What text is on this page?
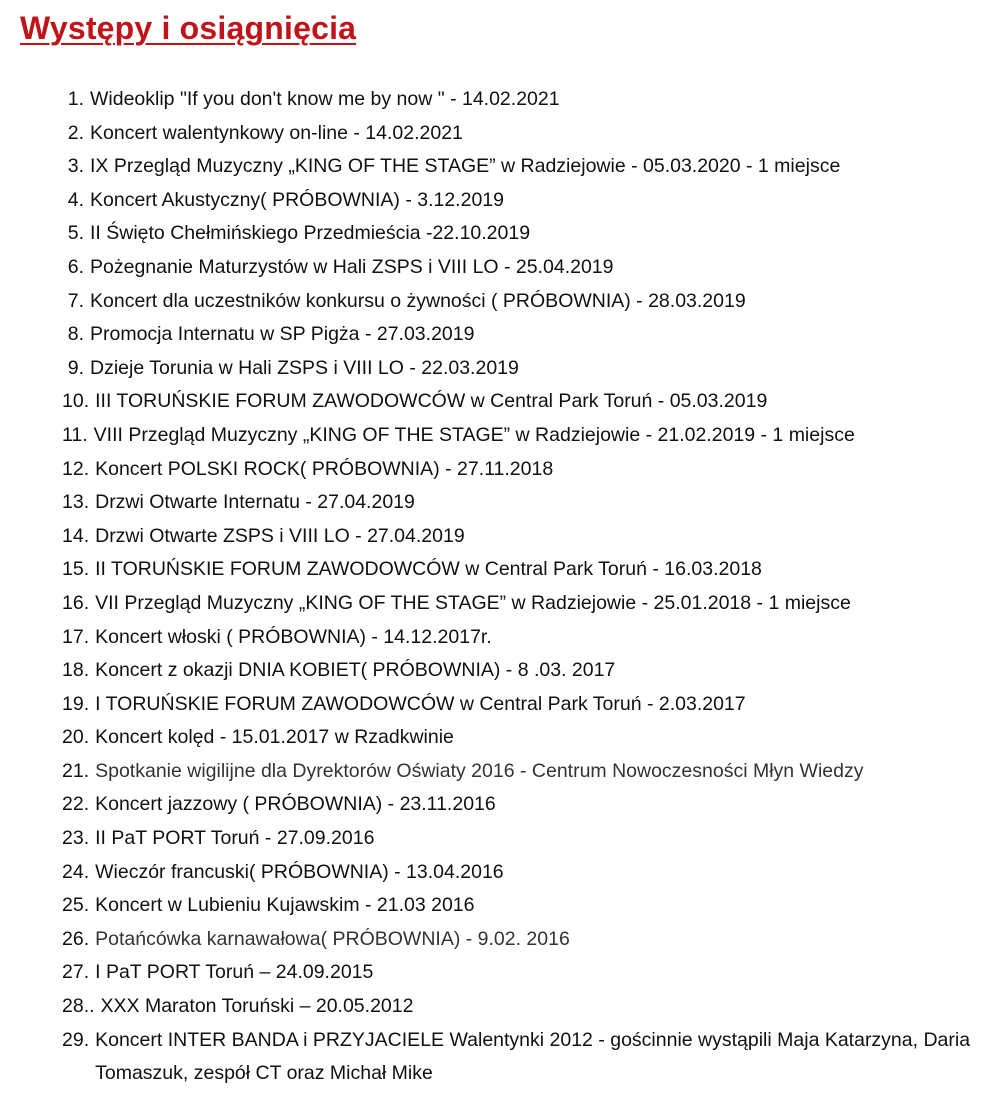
Występy i osiągnięcia
1. Wideoklip "If you don't know me by now " - 14.02.2021
2. Koncert walentynkowy on-line - 14.02.2021
3. IX Przegląd Muzyczny „KING OF THE STAGE” w Radziejowie - 05.03.2020 - 1 miejsce
4. Koncert Akustyczny( PRÓBOWNIA) - 3.12.2019
5. II Święto Chełmińskiego Przedmieścia -22.10.2019
6. Pożegnanie Maturzystów w Hali ZSPS i VIII LO - 25.04.2019
7. Koncert dla uczestników konkursu o żywności ( PRÓBOWNIA) - 28.03.2019
8. Promocja Internatu w SP Pigża - 27.03.2019
9. Dzieje Torunia w Hali ZSPS i VIII LO - 22.03.2019
10. III TORUŃSKIE FORUM ZAWODOWCÓW w Central Park Toruń - 05.03.2019
11. VIII Przegląd Muzyczny „KING OF THE STAGE” w Radziejowie - 21.02.2019 - 1 miejsce
12. Koncert POLSKI ROCK( PRÓBOWNIA) - 27.11.2018
13. Drzwi Otwarte Internatu - 27.04.2019
14. Drzwi Otwarte ZSPS i VIII LO - 27.04.2019
15. II TORUŃSKIE FORUM ZAWODOWCÓW w Central Park Toruń - 16.03.2018
16. VII Przegląd Muzyczny „KING OF THE STAGE” w Radziejowie - 25.01.2018 - 1 miejsce
17. Koncert włoski ( PRÓBOWNIA) - 14.12.2017r.
18. Koncert z okazji DNIA KOBIET( PRÓBOWNIA) - 8 .03. 2017
19. I TORUŃSKIE FORUM ZAWODOWCÓW w Central Park Toruń - 2.03.2017
20. Koncert kolęd - 15.01.2017 w Rzadkwinie
21. Spotkanie wigilijne dla Dyrektorów Oświaty 2016 - Centrum Nowoczesności Młyn Wiedzy
22. Koncert jazzowy ( PRÓBOWNIA) - 23.11.2016
23. II PaT PORT Toruń - 27.09.2016
24. Wieczór francuski( PRÓBOWNIA) - 13.04.2016
25. Koncert w Lubieniu Kujawskim - 21.03 2016
26. Potańcówka karnawałowa( PRÓBOWNIA) - 9.02. 2016
27. I PaT PORT Toruń – 24.09.2015
28.. XXX Maraton Toruński – 20.05.2012
29. Koncert INTER BANDA i PRZYJACIELE Walentynki 2012 - gościnnie wystąpili Maja Katarzyna, Daria Tomaszuk, zespół CT oraz Michał Mike
